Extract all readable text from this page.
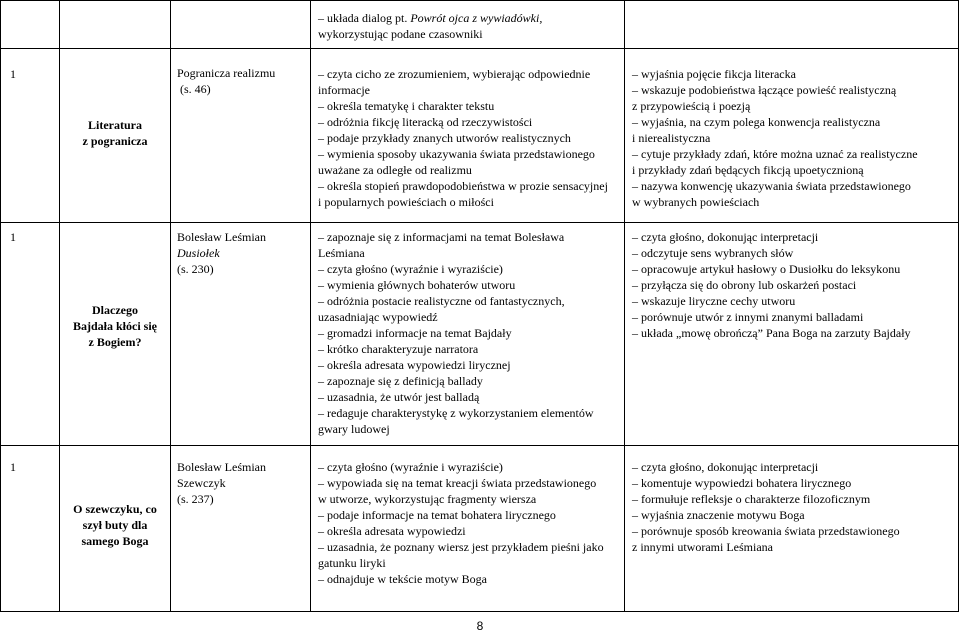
– układa dialog pt. Powrót ojca z wywiadówki,

wykorzystując podane czasowniki

1
Literatura
z pogranicza

Pogranicza realizmu

(s. 46)

– czyta cicho ze zrozumieniem, wybierając odpowiednie

informacje

– określa tematykę i charakter tekstu

– odróżnia fikcję literacką od rzeczywistości

– podaje przykłady znanych utworów realistycznych

– wymienia sposoby ukazywania świata przedstawionego

uważane za odległe od realizmu

– określa stopień prawdopodobieństwa w prozie sensacyjnej

i popularnych powieściach o miłości

– wyjaśnia pojęcie fikcja literacka

– wskazuje podobieństwa łączące powieść realistyczną

z przypowieścią i poezją

– wyjaśnia, na czym polega konwencja realistyczna

i nierealistyczna

– cytuje przykłady zdań, które można uznać za realistyczne

i przykłady zdań będących fikcją upoetycznioną

– nazywa konwencję ukazywania świata przedstawionego

w wybranych powieściach

1
Dlaczego
Bajdała kłóci się
z Bogiem?

Bolesław Leśmian

Dusiołek

(s. 230)

– zapoznaje się z informacjami na temat Bolesława

Leśmiana

– czyta głośno (wyraźnie i wyraziście)

– wymienia głównych bohaterów utworu

– odróżnia postacie realistyczne od fantastycznych,

uzasadniając wypowiedź

– gromadzi informacje na temat Bajdały

– krótko charakteryzuje narratora

– określa adresata wypowiedzi lirycznej

– zapoznaje się z definicją ballady

– uzasadnia, że utwór jest balladą

– redaguje charakterystykę z wykorzystaniem elementów

gwary ludowej

– czyta głośno, dokonując interpretacji

– odczytuje sens wybranych słów

– opracowuje artykuł hasłowy o Dusiołku do leksykonu

– przyłącza się do obrony lub oskarżeń postaci

– wskazuje liryczne cechy utworu

– porównuje utwór z innymi znanymi balladami

– układa „mowę obrończą” Pana Boga na zarzuty Bajdały

1
O szewczyku, co
szył buty dla
samego Boga

Bolesław Leśmian

Szewczyk

(s. 237)

– czyta głośno (wyraźnie i wyraziście)

– wypowiada się na temat kreacji świata przedstawionego

w utworze, wykorzystując fragmenty wiersza

– podaje informacje na temat bohatera lirycznego

– określa adresata wypowiedzi

– uzasadnia, że poznany wiersz jest przykładem pieśni jako

gatunku liryki

– odnajduje w tekście motyw Boga

– czyta głośno, dokonując interpretacji

– komentuje wypowiedzi bohatera lirycznego

– formułuje refleksje o charakterze filozoficznym

– wyjaśnia znaczenie motywu Boga

– porównuje sposób kreowania świata przedstawionego

z innymi utworami Leśmiana

8
